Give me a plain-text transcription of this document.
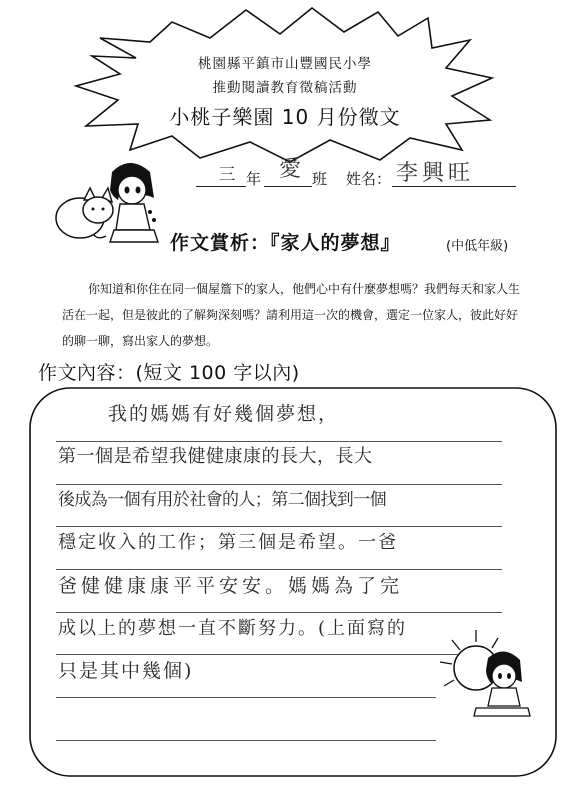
桃園縣平鎮市山豐國民小學
推動閱讀教育徵稿活動
小桃子樂園 10 月份徵文
三 年 愛 班 姓名： 李興旺
作文賞析：『家人的夢想』	(中低年級)
你知道和你住在同一個屋簷下的家人，他們心中有什麼夢想嗎？我們每天和家人生活在一起，但是彼此的了解夠深刻嗎？請利用這一次的機會，選定一位家人，彼此好好的聊一聊，寫出家人的夢想。
作文內容：(短文 100 字以內)
我的媽媽有好幾個夢想，
第一個是希望我健健康康的長大，長大
後成為一個有用於社會的人；第二個找到一個
穩定收入的工作；第三個是希望。一爸
爸健健康康平平安安。媽媽為了完
成以上的夢想一直不斷努力。(上面寫的
只是其中幾個)
